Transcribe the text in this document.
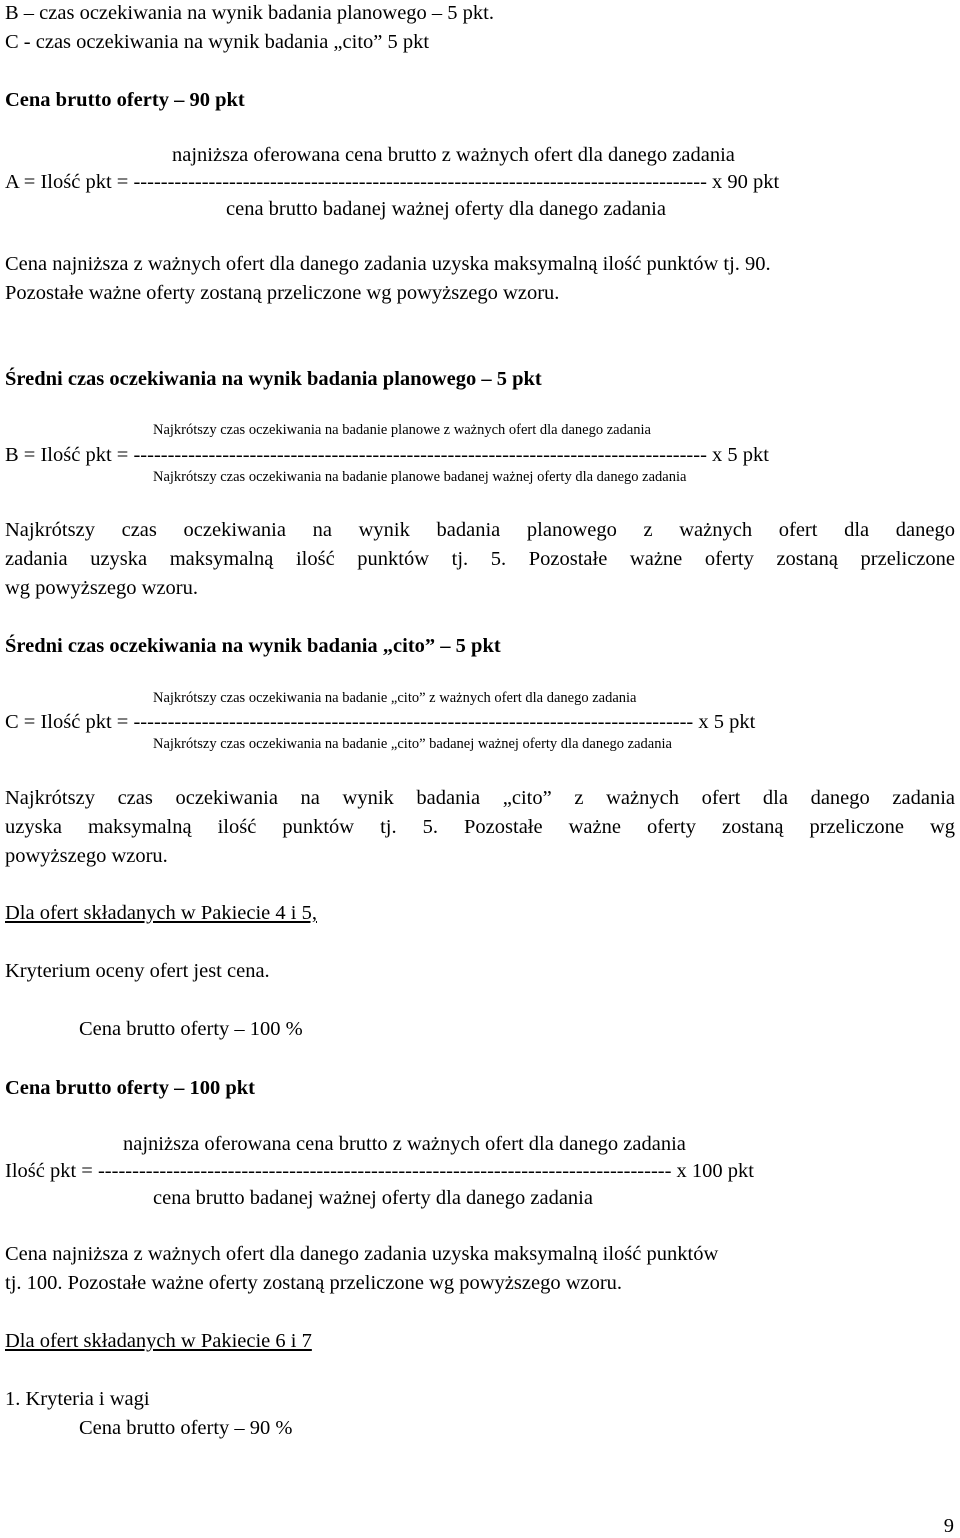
B – czas oczekiwania na wynik badania planowego – 5 pkt.

C - czas oczekiwania na wynik badania „cito” 5 pkt

Cena brutto oferty – 90 pkt

najniższa oferowana cena brutto z ważnych ofert dla danego zadania

A = Ilość pkt = ------------------------------------------------------------------------------------ x 90 pkt

cena brutto badanej ważnej oferty dla danego zadania

Cena najniższa z ważnych ofert dla danego zadania uzyska maksymalną ilość punktów tj. 90.

Pozostałe ważne oferty zostaną przeliczone wg powyższego wzoru.

Średni czas oczekiwania na wynik badania planowego – 5 pkt

Najkrótszy czas oczekiwania na badanie planowe z ważnych ofert dla danego zadania

B = Ilość pkt = ------------------------------------------------------------------------------------ x 5 pkt

Najkrótszy czas oczekiwania na badanie planowe badanej ważnej oferty dla danego zadania

Najkrótszy czas oczekiwania na wynik badania planowego z ważnych ofert dla danego

zadania uzyska maksymalną ilość punktów tj. 5. Pozostałe ważne oferty zostaną przeliczone

wg powyższego wzoru.

Średni czas oczekiwania na wynik badania „cito” – 5 pkt

Najkrótszy czas oczekiwania na badanie „cito” z ważnych ofert dla danego zadania

C = Ilość pkt = ---------------------------------------------------------------------------------- x 5 pkt

Najkrótszy czas oczekiwania na badanie „cito” badanej ważnej oferty dla danego zadania

Najkrótszy czas oczekiwania na wynik badania „cito” z ważnych ofert dla danego zadania

uzyska maksymalną ilość punktów tj. 5. Pozostałe ważne oferty zostaną przeliczone wg

powyższego wzoru.

Dla ofert składanych w Pakiecie 4 i 5,

Kryterium oceny ofert jest cena.

Cena brutto oferty – 100 %

Cena brutto oferty – 100 pkt

najniższa oferowana cena brutto z ważnych ofert dla danego zadania

Ilość pkt = ------------------------------------------------------------------------------------ x 100 pkt

cena brutto badanej ważnej oferty dla danego zadania

Cena najniższa z ważnych ofert dla danego zadania uzyska maksymalną ilość punktów

tj. 100. Pozostałe ważne oferty zostaną przeliczone wg powyższego wzoru.

Dla ofert składanych w Pakiecie 6 i 7

1. Kryteria i wagi

Cena brutto oferty – 90 %

9
